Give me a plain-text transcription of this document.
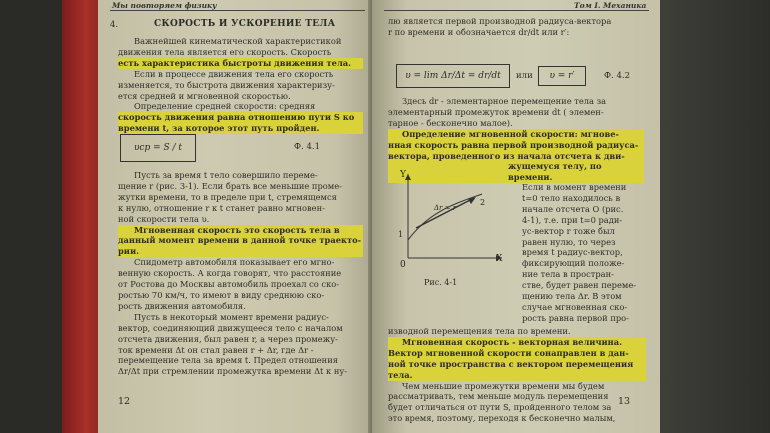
Мы повторяем физику
4.	СКОРОСТЬ И УСКОРЕНИЕ ТЕЛА
Важнейшей кинематической характеристикой
движения тела является его скорость. Скорость
есть характеристика быстроты движения тела.
Если в процессе движения тела его скорость
изменяется, то быстрота движения характеризу-
ется средней и мгновенной скоростью.
Определение средней скорости: средняя
скорость движения равна отношению пути S ко
времени t, за которое этот путь пройден.
υср = S / t	Ф. 4.1
Пусть за время t тело совершило переме-
щение r (рис. 3-1). Если брать все меньшие проме-
жутки времени, то в пределе при t, стремящемся
к нулю, отношение r к t станет равно мгновен-
ной скорости тела υ.
Мгновенная скорость это скорость тела в
данный момент времени в данной точке траекто-
рии.
Спидометр автомобиля показывает его мгно-
венную скорость. А когда говорят, что расстояние
от Ростова до Москвы автомобиль проехал со ско-
ростью 70 км/ч, то имеют в виду среднюю ско-
рость движения автомобиля.
Пусть в некоторый момент времени радиус-
вектор, соединяющий движущееся тело с началом
отсчета движения, был равен r, а через промежу-
ток времени Δt он стал равен r + Δr, где Δr -
перемещение тела за время t. Предел отношения
Δr/Δt при стремлении промежутка времени Δt к ну-
12
Том I. Механика
лю является первой производной радиуса-вектора
r по времени и обозначается dr/dt или r′:
υ = lim Δr/Δt = dr/dt	или	υ = r′	Ф. 4.2
Здесь dr - элементарное перемещение тела за
элементарный промежуток времени dt ( элемен-
тарное - бесконечно малое).
Определение мгновенной скорости: мгнове-
нная скорость равна первой производной радиуса-
вектора, проведенного из начала отсчета к дви-
жущемуся телу, по
времени.
Y
X
0
1
2
Δr = r
Рис. 4-1
Если в момент времени
t=0 тело находилось в
начале отсчета O (рис.
4-1), т.е. при t=0 ради-
ус-вектор r тоже был
равен нулю, то через
время t радиус-вектор,
фиксирующий положе-
ние тела в простран-
стве, будет равен переме-
щению тела Δr. В этом
случае мгновенная ско-
рость равна первой про-
изводной перемещения тела по времени.
Мгновенная скорость - векторная величина.
Вектор мгновенной скорости сонаправлен в дан-
ной точке пространства с вектором перемещения
тела.
Чем меньшие промежутки времени мы будем
рассматривать, тем меньше модуль перемещения
будет отличаться от пути S, пройденного телом за
это время, поэтому, переходя к бесконечно малым,
13
